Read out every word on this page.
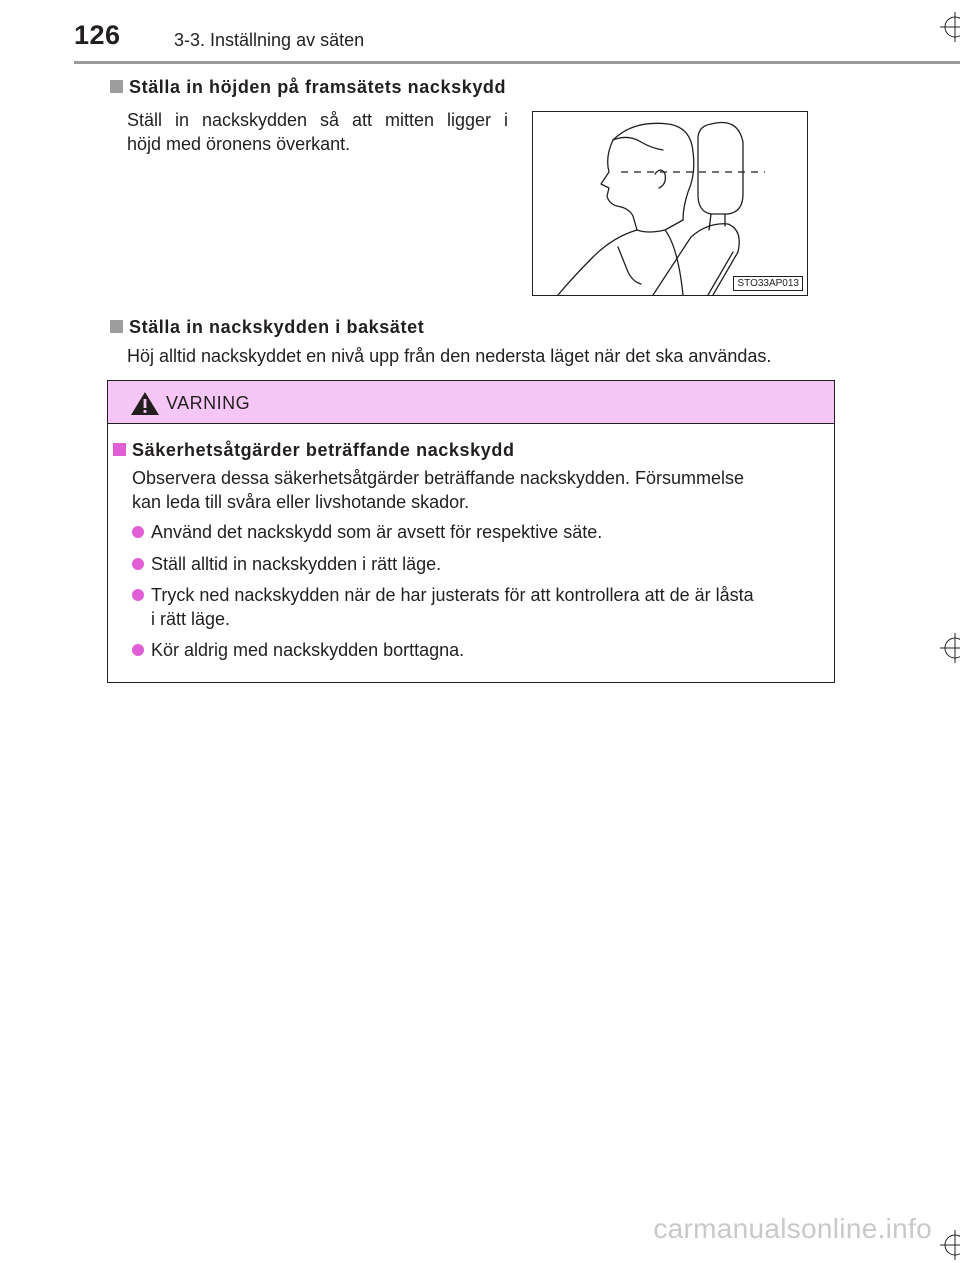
126	3-3. Inställning av säten
Ställa in höjden på framsätets nackskydd
Ställ in nackskydden så att mitten ligger i
höjd med öronens överkant.
STO33AP013
Ställa in nackskydden i baksätet
Höj alltid nackskyddet en nivå upp från den nedersta läget när det ska användas.
VARNING
Säkerhetsåtgärder beträffande nackskydd
Observera dessa säkerhetsåtgärder beträffande nackskydden. Försummelse
kan leda till svåra eller livshotande skador.
Använd det nackskydd som är avsett för respektive säte.
Ställ alltid in nackskydden i rätt läge.
Tryck ned nackskydden när de har justerats för att kontrollera att de är låsta
i rätt läge.
Kör aldrig med nackskydden borttagna.
carmanualsonline.info
